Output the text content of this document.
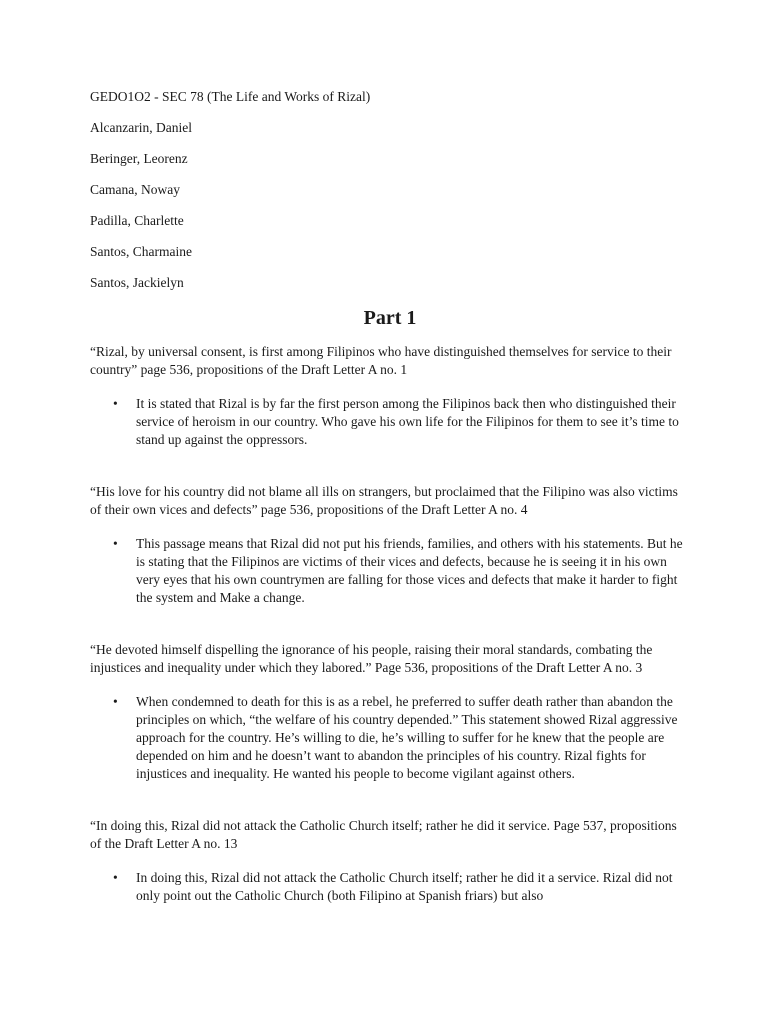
GEDO1O2 - SEC 78 (The Life and Works of Rizal)

Alcanzarin, Daniel

Beringer, Leorenz

Camana, Noway

Padilla, Charlette

Santos, Charmaine

Santos, Jackielyn

Part 1

“Rizal, by universal consent, is first among Filipinos who have distinguished themselves for service to their country” page 536, propositions of the Draft Letter A no. 1

• It is stated that Rizal is by far the first person among the Filipinos back then who distinguished their service of heroism in our country. Who gave his own life for the Filipinos for them to see it’s time to stand up against the oppressors.

“His love for his country did not blame all ills on strangers, but proclaimed that the Filipino was also victims of their own vices and defects” page 536, propositions of the Draft Letter A no. 4

• This passage means that Rizal did not put his friends, families, and others with his statements. But he is stating that the Filipinos are victims of their vices and defects, because he is seeing it in his own very eyes that his own countrymen are falling for those vices and defects that make it harder to fight the system and Make a change.

“He devoted himself dispelling the ignorance of his people, raising their moral standards, combating the injustices and inequality under which they labored.” Page 536, propositions of the Draft Letter A no. 3

• When condemned to death for this is as a rebel, he preferred to suffer death rather than abandon the principles on which, “the welfare of his country depended.” This statement showed Rizal aggressive approach for the country. He’s willing to die, he’s willing to suffer for he knew that the people are depended on him and he doesn’t want to abandon the principles of his country. Rizal fights for injustices and inequality. He wanted his people to become vigilant against others.

“In doing this, Rizal did not attack the Catholic Church itself; rather he did it service. Page 537, propositions of the Draft Letter A no. 13

• In doing this, Rizal did not attack the Catholic Church itself; rather he did it a service. Rizal did not only point out the Catholic Church (both Filipino at Spanish friars) but also
